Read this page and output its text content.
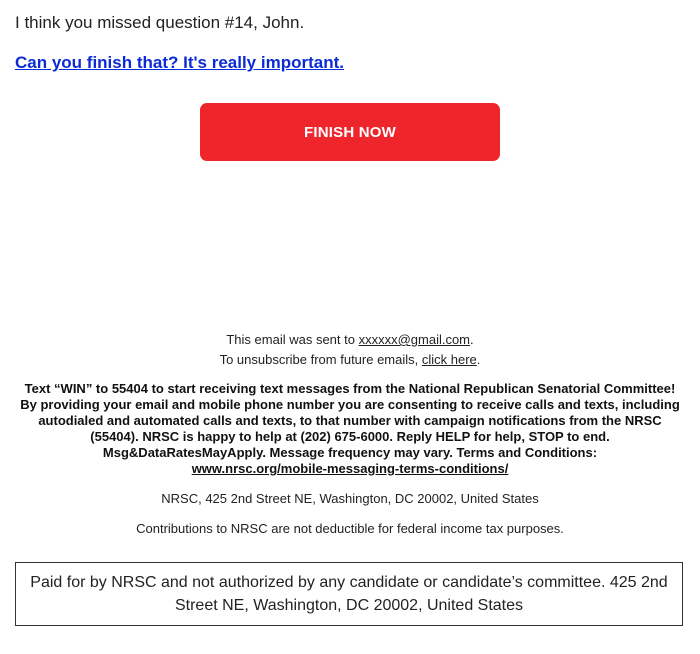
I think you missed question #14, John.
Can you finish that? It's really important.
FINISH NOW
This email was sent to xxxxxx@gmail.com.
To unsubscribe from future emails, click here.
Text “WIN” to 55404 to start receiving text messages from the National Republican Senatorial Committee! By providing your email and mobile phone number you are consenting to receive calls and texts, including autodialed and automated calls and texts, to that number with campaign notifications from the NRSC (55404). NRSC is happy to help at (202) 675-6000. Reply HELP for help, STOP to end. Msg&DataRatesMayApply. Message frequency may vary. Terms and Conditions:
www.nrsc.org/mobile-messaging-terms-conditions/
NRSC, 425 2nd Street NE, Washington, DC 20002, United States
Contributions to NRSC are not deductible for federal income tax purposes.
Paid for by NRSC and not authorized by any candidate or candidate’s committee. 425 2nd Street NE, Washington, DC 20002, United States
